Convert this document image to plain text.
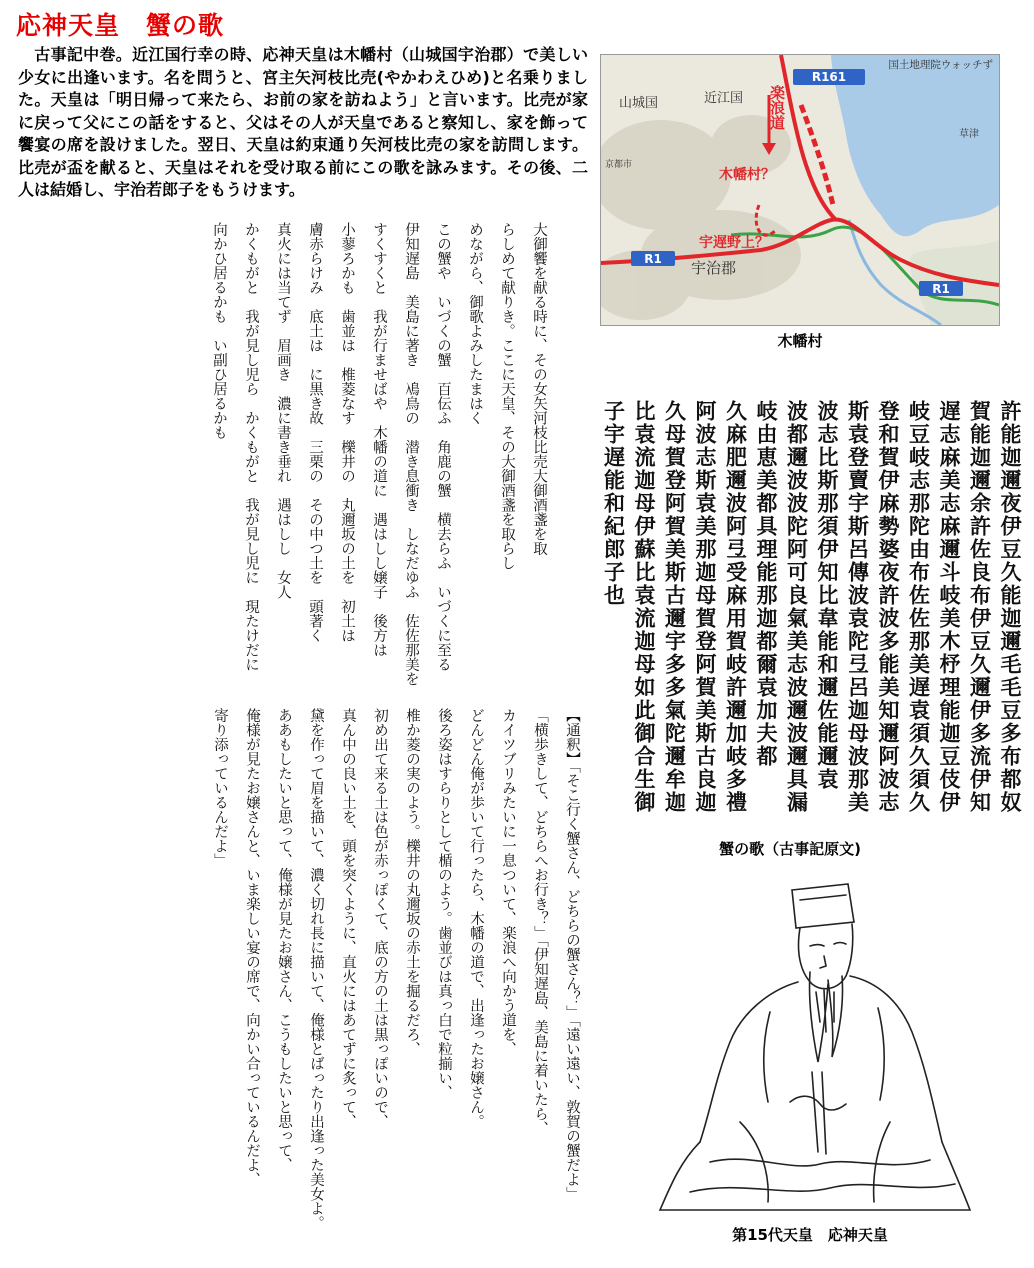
応神天皇　蟹の歌
　古事記中巻。近江国行幸の時、応神天皇は木幡村（山城国宇治郡）で美しい少女に出逢います。名を問うと、宮主矢河枝比売(やかわえひめ)と名乗りました。天皇は「明日帰って来たら、お前の家を訪ねよう」と言います。比売が家に戻って父にこの話をすると、父はその人が天皇であると察知し、家を飾って饗宴の席を設けました。翌日、天皇は約束通り矢河枝比売の家を訪問します。比売が盃を献ると、天皇はそれを受け取る前にこの歌を詠みます。その後、二人は結婚し、宇治若郎子をもうけます。

大御饗を献る時に、その女矢河枝比売大御酒盞を取

らしめて献りき。ここに天皇、その大御酒盞を取らし

めながら、御歌よみしたまはく

この蟹や　いづくの蟹　百伝ふ　角鹿の蟹　横去らふ　いづくに至る

伊知遅島　美島に著き　鳰鳥の　潜き息衝き　しなだゆふ　佐佐那美を

すくすくと　我が行ませばや　木幡の道に　遇はしし嬢子　後方は

小蓼ろかも　歯並は　椎菱なす　櫟井の　丸邇坂の土を　初土は

膚赤らけみ　底土は　に黒き故　三栗の　その中つ土を　頭著く

真火には当てず　眉画き　濃に書き垂れ　遇はしし　女人

かくもがと　我が見し児ら　かくもがと　我が見し児に　現たけだに

向かひ居るかも　い副ひ居るかも

【通釈】「そこ行く蟹さん、どちらの蟹さん？」「遠い遠い、敦賀の蟹だよ」

「横歩きして、どちらへお行き？」「伊知遅島、美島に着いたら、

カイツブリみたいに一息ついて、楽浪へ向かう道を、

どんどん俺が歩いて行ったら、木幡の道で、出逢ったお嬢さん。

後ろ姿はすらりとして楯のよう。歯並びは真っ白で粒揃い、

椎か菱の実のよう。櫟井の丸邇坂の赤土を掘るだろ、

初め出て来る土は色が赤っぽくて、底の方の土は黒っぽいので、

真ん中の良い土を、頭を突くように、直火にはあてずに炙って、

黛を作って眉を描いて、濃く切れ長に描いて、俺様とばったり出逢った美女よ。

ああもしたいと思って、俺様が見たお嬢さん、こうもしたいと思って、

俺様が見たお嬢さんと、いま楽しい宴の席で、向かい合っているんだよ、

寄り添っているんだよ」

R161
国土地理院ウォッチず
山城国	近江国
宇治郡
草津
京都市
楽浪道
木幡村？
宇遅野上？
R1
R1
木幡村

許能迦邇夜伊豆久能迦邇毛毛豆多布都奴

賀能迦邇余許佐良布伊豆久邇伊多流伊知

遅志麻美志麻邇斗岐美木杼理能迦豆伎伊

岐豆岐志那陀由布佐佐那美遅袁須久須久

登和賀伊麻勢婆夜許波多能美知邇阿波志

斯袁登賣宇斯呂傳波袁陀弖呂迦母波那美

波志比斯那須伊知比韋能和邇佐能邇袁

波都邇波波陀阿可良氣美志波邇波邇具漏

岐由恵美都具理能那迦都爾袁加夫都

久麻肥邇波阿弖受麻用賀岐許邇加岐多禮

阿波志斯袁美那迦母賀登阿賀美斯古良迦

久母賀登阿賀美斯古邇宇多多氣陀邇牟迦

比袁流迦母伊蘇比袁流迦母如此御合生御

子宇遅能和紀郎子也

蟹の歌（古事記原文)
第15代天皇　応神天皇
